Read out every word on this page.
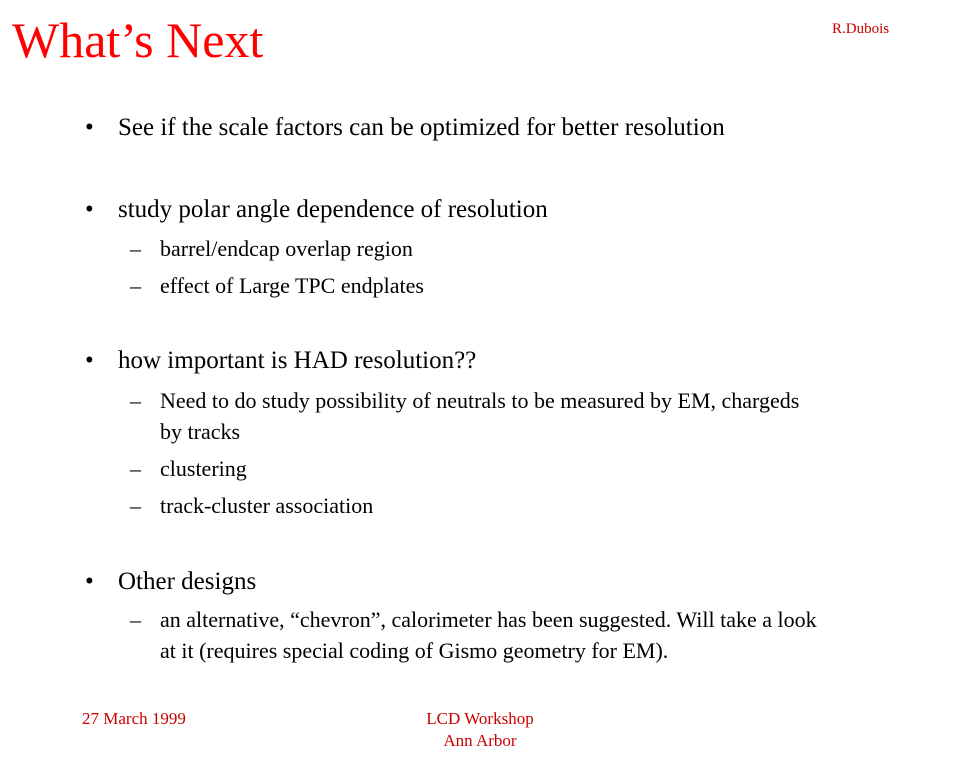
What’s Next	R.Dubois
• See if the scale factors can be optimized for better resolution
• study polar angle dependence of resolution
– barrel/endcap overlap region
– effect of Large TPC endplates
• how important is HAD resolution??
– Need to do study possibility of neutrals to be measured by EM, chargeds
by tracks
– clustering
– track-cluster association
• Other designs
– an alternative, “chevron”, calorimeter has been suggested. Will take a look
at it (requires special coding of Gismo geometry for EM).
27 March 1999	LCD Workshop
Ann Arbor
